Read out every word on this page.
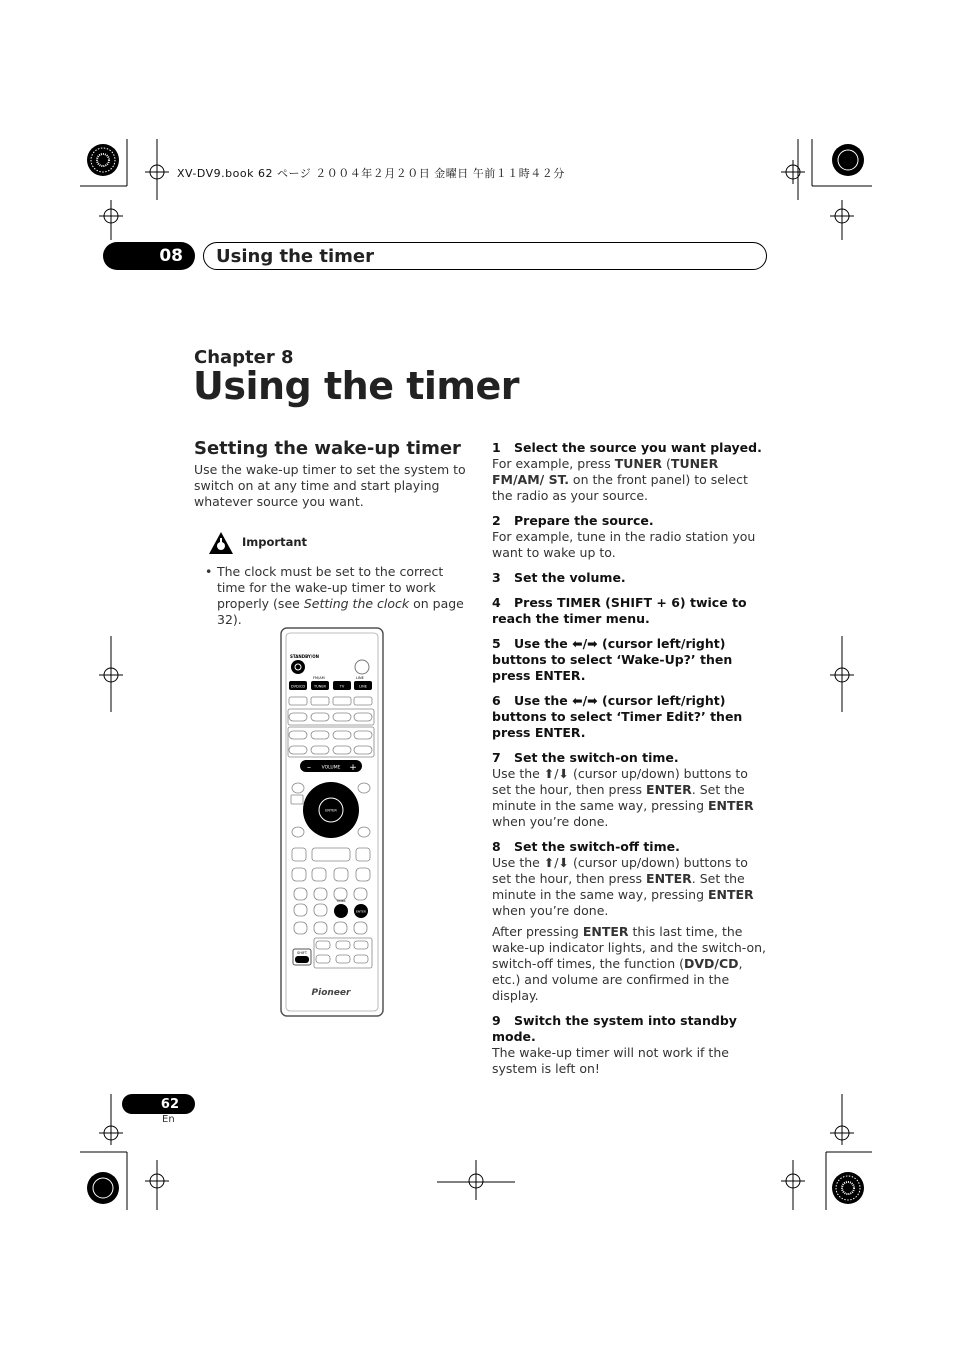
XV-DV9.book 62 ページ ２００４年２月２０日 金曜日 午前１１時４２分
08	Using the timer
Chapter 8
Using the timer
Setting the wake-up timer
Use the wake-up timer to set the system to switch on at any time and start playing whatever source you want.
Important
• The clock must be set to the correct time for the wake-up timer to work properly (see Setting the clock on page 32).
STANDBY/ON
FM/AM	LINE
DVD/CD	TUNER	TV	LINE
VOLUME
–	+
ENTER
TIMER
ENTER
SHIFT
Pioneer
1 Select the source you want played.
For example, press TUNER (TUNER FM/AM/ ST. on the front panel) to select the radio as your source.
2 Prepare the source.
For example, tune in the radio station you want to wake up to.
3 Set the volume.
4 Press TIMER (SHIFT + 6) twice to reach the timer menu.
5 Use the ⬅/➡ (cursor left/right) buttons to select ‘Wake-Up?’ then press ENTER.
6 Use the ⬅/➡ (cursor left/right) buttons to select ‘Timer Edit?’ then press ENTER.
7 Set the switch-on time.
Use the ⬆/⬇ (cursor up/down) buttons to set the hour, then press ENTER. Set the minute in the same way, pressing ENTER when you’re done.
8 Set the switch-off time.
Use the ⬆/⬇ (cursor up/down) buttons to set the hour, then press ENTER. Set the minute in the same way, pressing ENTER when you’re done.
After pressing ENTER this last time, the wake-up indicator lights, and the switch-on, switch-off times, the function (DVD/CD, etc.) and volume are confirmed in the display.
9 Switch the system into standby mode.
The wake-up timer will not work if the system is left on!
62
En
